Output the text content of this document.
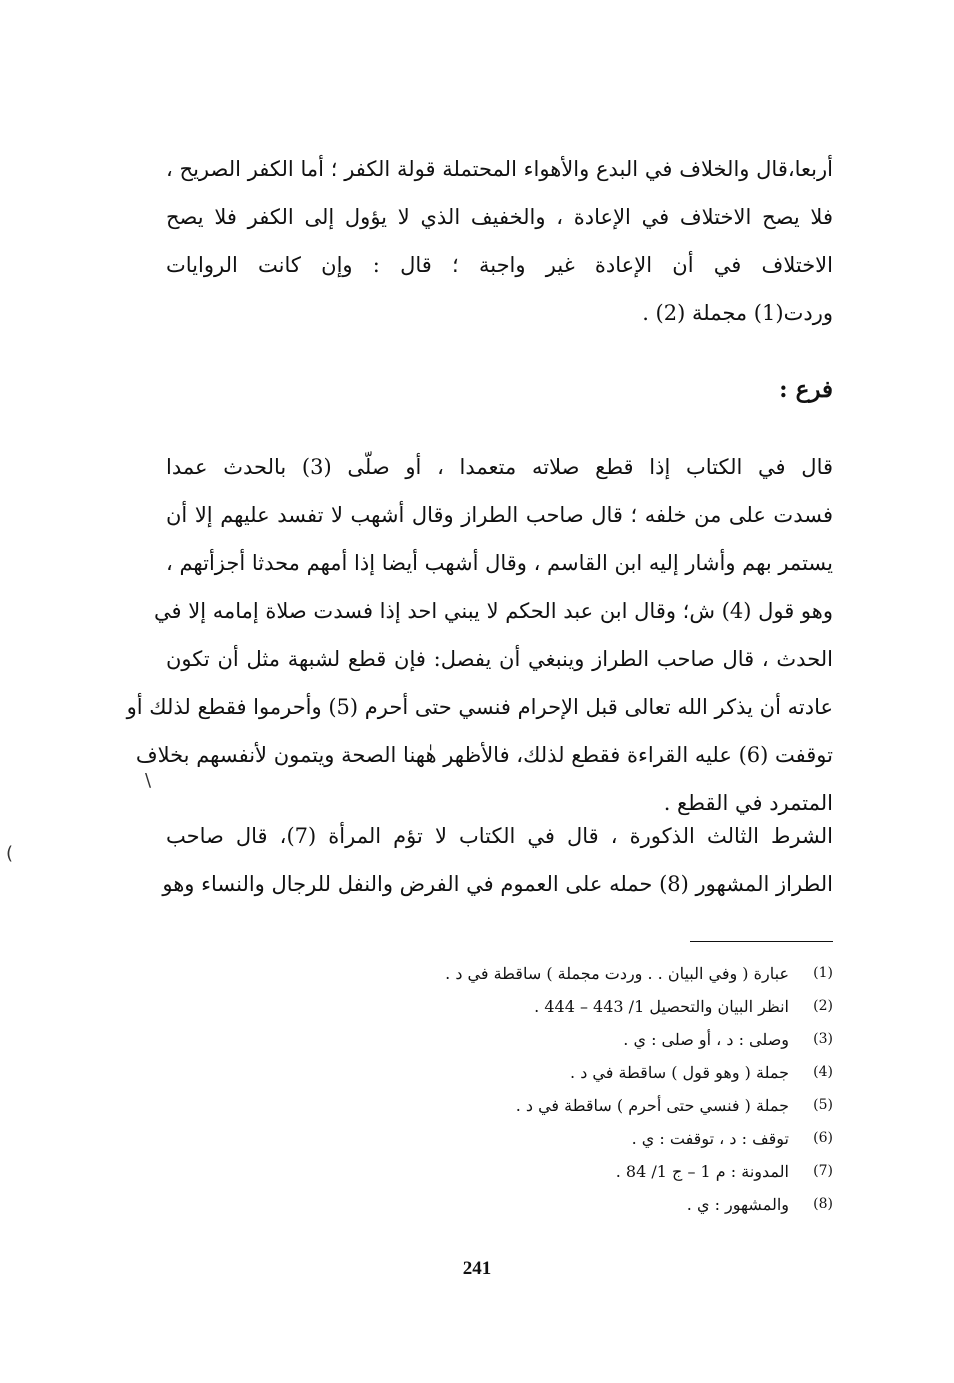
أربعا،قال والخلاف في البدع والأهواء المحتملة قولة الكفر ؛ أما الكفر الصريح ،
فلا يصح الاختلاف في الإعادة ، والخفيف الذي لا يؤول إلى الكفر فلا يصح
الاختلاف في أن الإعادة غير واجبة ؛ قال : وإن كانت الروايات
وردت(1) مجملة (2) .
فرع :
قال في الكتاب إذا قطع صلاته متعمدا ، أو صلّى (3) بالحدث عمدا
فسدت على من خلفه ؛ قال صاحب الطراز وقال أشهب لا تفسد عليهم إلا أن
يستمر بهم وأشار إليه ابن القاسم ، وقال أشهب أيضا إذا أمهم محدثا أجزأتهم ،
وهو قول (4) ش؛ وقال ابن عبد الحكم لا يبني احد إذا فسدت صلاة إمامه إلا في
الحدث ، قال صاحب الطراز وينبغي أن يفصل: فإن قطع لشبهة مثل أن تكون
عادته أن يذكر الله تعالى قبل الإحرام فنسي حتى أحرم (5) وأحرموا فقطع لذلك أو
توقفت (6) عليه القراءة فقطع لذلك، فالأظهر هٰهنا الصحة ويتمون لأنفسهم بخلاف
المتمرد في القطع .
الشرط الثالث الذكورة ، قال في الكتاب لا تؤم المرأة (7)، قال صاحب
الطراز المشهور (8) حمله على العموم في الفرض والنفل للرجال والنساء وهو
(1)
عبارة ( وفي البيان . . وردت مجملة ) ساقطة في د .
(2)
انظر البيان والتحصيل 1/ 443 – 444 .
(3)
وصلى : د ، أو صلى : ي .
(4)
جملة ( وهو قول ) ساقطة في د .
(5)
جملة ( فنسي حتى أحرم ) ساقطة في د .
(6)
توقف : د ، توقفت : ي .
(7)
المدونة : م 1 – ج 1/ 84 .
(8)
والمشهور : ي .
241
\
(
